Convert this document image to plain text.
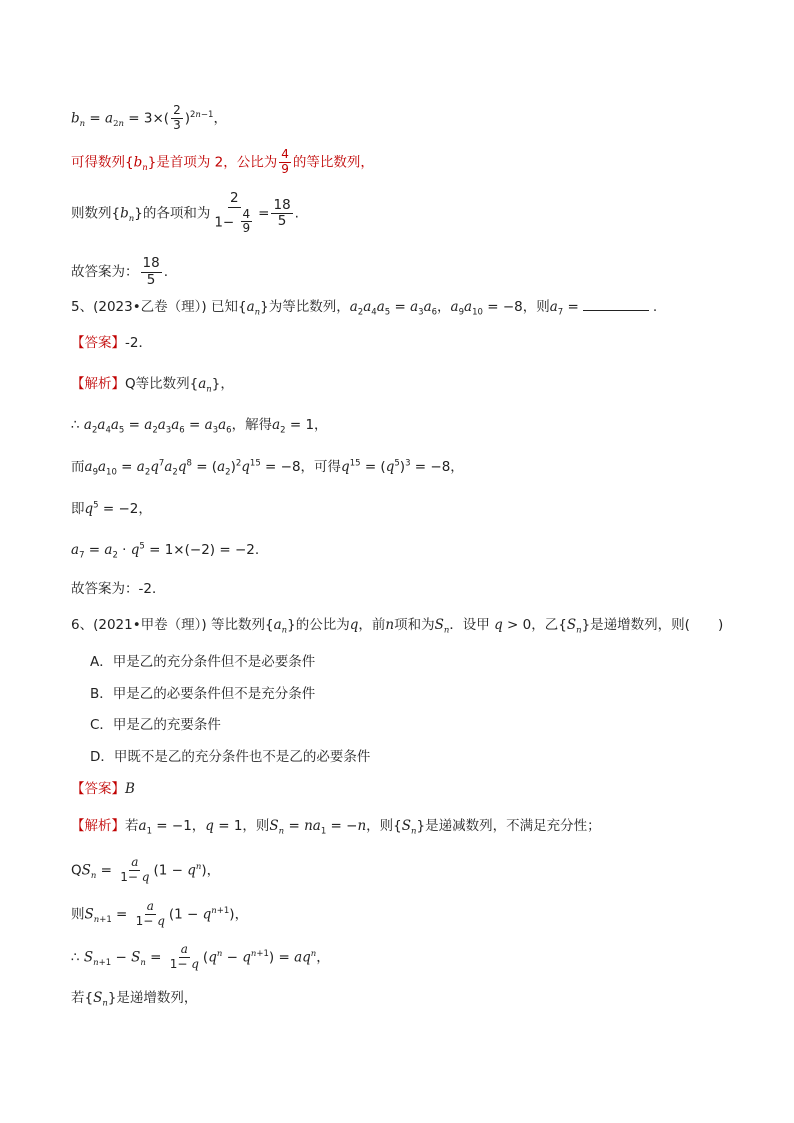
$b_n = a_{2n} = 3\times( \frac{2}{3} )^{2n-1}$，
可得数列$\{b_n\}$是首项为 2，公比为 $\frac{4}{9}$ 的等比数列，
则数列$\{b_n\}$的各项和为 $\frac{2}{1- \frac{4}{9}} = \frac{18}{5}$ .
故答案为： $\frac{18}{5}$ .
5、(2023•乙卷（理）) 已知$\{a_n\}$为等比数列，$a_2a_4a_5 = a_3a_6$，$a_9a_{10} = -8$，则$a_7$ =	.
【答案】-2．
【解析】Q等比数列$\{a_n\}$，
∴ $a_2a_4a_5 = a_2a_3a_6 = a_3a_6$，解得$a_2 = 1$，
而$a_9a_{10} = a_2q^7a_2q^8 = (a_2)^2q^{15} = -8$，可得$q^{15} = (q^5)^3 = -8$，
即$q^5 = -2$，
$a_7 = a_2 \cdot q^5 = 1\times(-2) = -2$.
故答案为：-2．
6、(2021•甲卷（理）) 等比数列$\{a_n\}$的公比为q，前n项和为$S_n$．设甲 q > 0，乙$\{S_n\}$是递增数列，则( )
A．甲是乙的充分条件但不是必要条件
B．甲是乙的必要条件但不是充分条件
C．甲是乙的充要条件
D．甲既不是乙的充分条件也不是乙的必要条件
【答案】B
【解析】若$a_1 = -1$，q = 1，则$S_n = na_1 = -n$，则$\{S_n\}$是递减数列，不满足充分性；
$QS_n = \frac{a}{1- q} (1 - q^n)$，
则$S_{n+1} = \frac{a}{1- q} (1 - q^{n+1})$，
∴ $S_{n+1} - S_n = \frac{a}{1- q} (q^n - q^{n+1}) = aq^n$，
若$\{S_n\}$是递增数列，
